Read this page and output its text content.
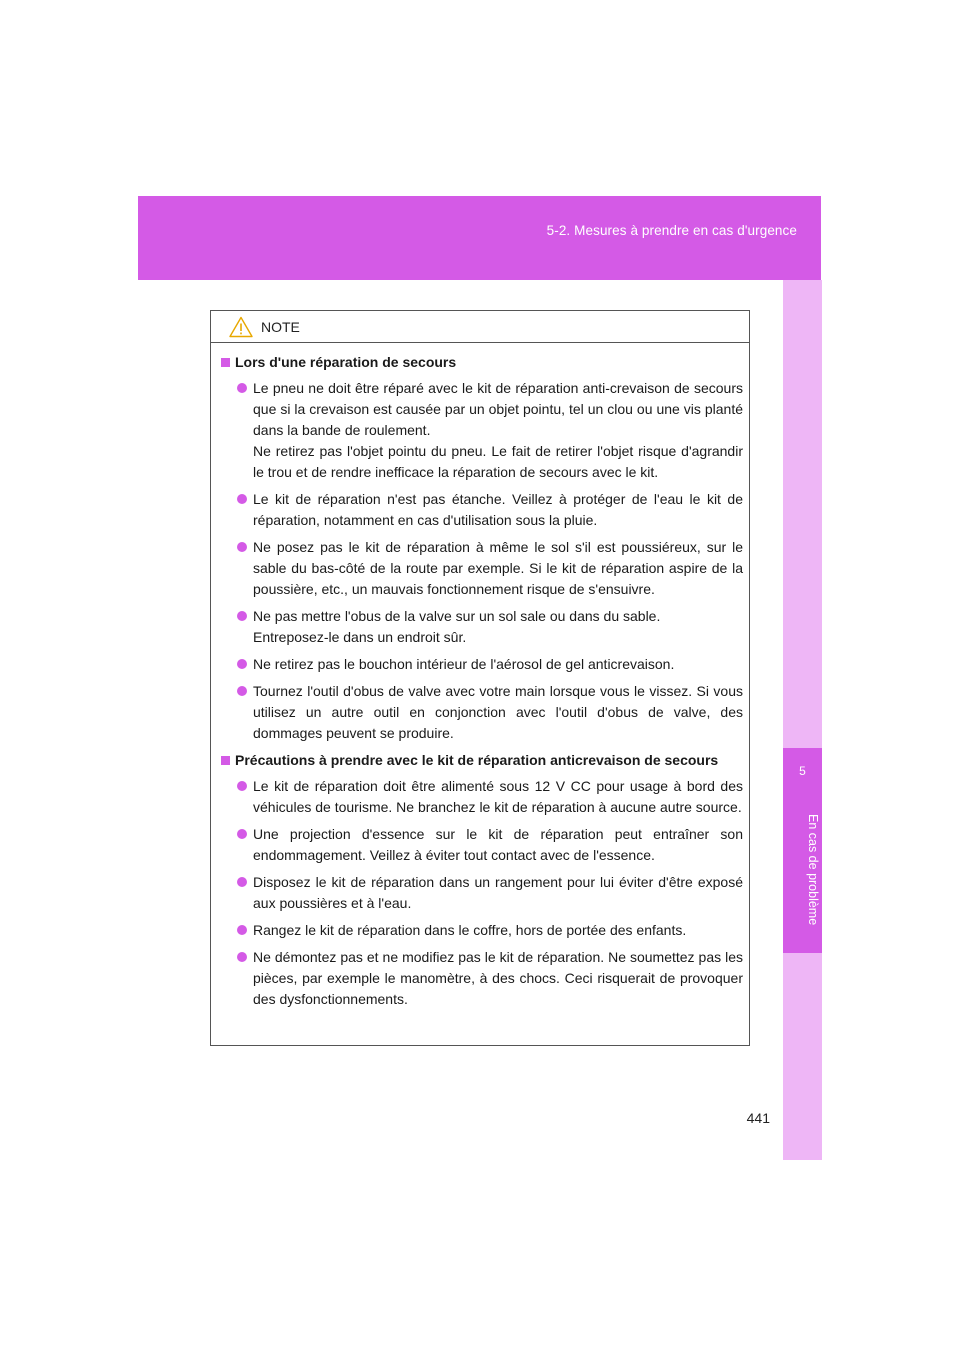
5-2. Mesures à prendre en cas d'urgence
5
En cas de problème
NOTE
Lors d'une réparation de secours
Le pneu ne doit être réparé avec le kit de réparation anti-crevaison de secours que si la crevaison est causée par un objet pointu, tel un clou ou une vis planté dans la bande de roulement.
Ne retirez pas l'objet pointu du pneu. Le fait de retirer l'objet risque d'agrandir le trou et de rendre inefficace la réparation de secours avec le kit.
Le kit de réparation n'est pas étanche. Veillez à protéger de l'eau le kit de réparation, notamment en cas d'utilisation sous la pluie.
Ne posez pas le kit de réparation à même le sol s'il est poussiéreux, sur le sable du bas-côté de la route par exemple. Si le kit de réparation aspire de la poussière, etc., un mauvais fonctionnement risque de s'ensuivre.
Ne pas mettre l'obus de la valve sur un sol sale ou dans du sable.
Entreposez-le dans un endroit sûr.
Ne retirez pas le bouchon intérieur de l'aérosol de gel anticrevaison.
Tournez l'outil d'obus de valve avec votre main lorsque vous le vissez. Si vous utilisez un autre outil en conjonction avec l'outil d'obus de valve, des dommages peuvent se produire.
Précautions à prendre avec le kit de réparation anticrevaison de secours
Le kit de réparation doit être alimenté sous 12 V CC pour usage à bord des véhicules de tourisme. Ne branchez le kit de réparation à aucune autre source.
Une projection d'essence sur le kit de réparation peut entraîner son endommagement. Veillez à éviter tout contact avec de l'essence.
Disposez le kit de réparation dans un rangement pour lui éviter d'être exposé aux poussières et à l'eau.
Rangez le kit de réparation dans le coffre, hors de portée des enfants.
Ne démontez pas et ne modifiez pas le kit de réparation. Ne soumettez pas les pièces, par exemple le manomètre, à des chocs. Ceci risquerait de provoquer des dysfonctionnements.
441
